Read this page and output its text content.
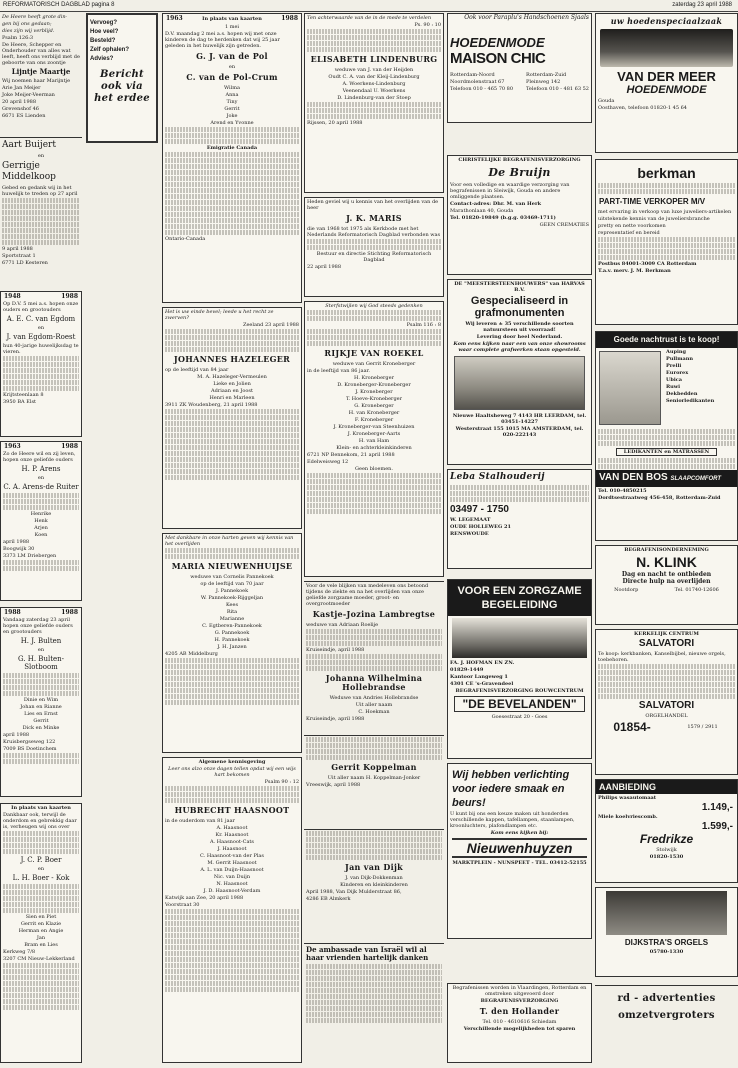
REFORMATORISCH DAGBLAD pagina 8	zaterdag 23 april 1988
De Heere heeft grote din-
gen bij ons gedaan;
dies zijn wij verblijd.
Psalm 126:3
De Heere, Schepper en Onderhouder van alles wat leeft, heeft ons verblijd met de geboorte van ons zoontje
Lijntje Maartje
Wij noemen haar Marijntje
Arie Jan Meijer
Joke Meijer-Veerman
20 april 1988
Grevenshof 46
6671 ES Lienden
Aart Buijert
en
Gerrigje Middelkoop
Gebed en gedank wij in het huwelijk te treden op 27 april
9 april 1988
Sportstraat 1
6771 LD Kesteren
1948	1988
Op D.V. 5 mei a.s. hopen onze ouders en grootouders
A. E. C. van Egdom
en
J. van Egdom-Roest
hun 40-jarige huwelijksdag te vieren.
Krijtsteenlaan 8
3950 BA Elst
1963	1988
Zo de Heere wil en zij leven, hopen onze geliefde ouders
H. P. Arens
en
C. A. Arens-de Ruiter
Henrike
Henk
Arjen
Koen
april 1988
Boogwijk 30
3373 LM Driebergen
1988	1988
Vandaag zaterdag 23 april hopen onze geliefde ouders en grootouders
H. J. Bulten
en
G. H. Bulten-Slotboom
Dinie en Wim
Johan en Rianne
Lies en Ernst
Gerrit
Dick en Minke
april 1988
Kruisbergseweg 122
7009 BS Doetinchem
In plaats van kaarten
Dankbaar ook, terwijl de onderdom en gebrekkig daar is, verheugen wij ons over
J. C. P. Boer
en
L. H. Boer - Kok
Sien en Piet
Gerrit en Klazie
Herman en Angie
Jan
Bram en Lies
Kerkweg 7/8
3207 CM Nieuw-Lekkerland
Vervoeg?
Hoe veel?
Besteld?
Zelf ophalen?
Advies?
Bericht ook via het erdee
1963	In plaats van kaarten	1988
1 mei
D.V. maandag 2 mei a.s. hopen wij met onze kinderen de dag te herdenken dat wij 25 jaar geleden in het huwelijk zijn getreden.
G. J. van de Pol
en
C. van de Pol-Crum
Wilma
Anna
Tiny
Gerrit
Joke
Arend en Yvonne
Emigratie Canada
Ontario-Canada
Het is uw einde bevel; leede u het recht ze zwerven?
Zeeland 23 april 1988
JOHANNES HAZELEGER
op de leeftijd van 84 jaar
M. A. Hazeleger-Vermeulen
Lieke en Jolien
Adriaan en Joost
Henri en Marleen
3911 ZK Woudenberg, 21 april 1988
Met dankbare in onze harten geven wij kennis van het overlijden
MARIA NIEUWENHUIJSE
weduwe van Cornelis Pannekoek
op de leeftijd van 70 jaar
J. Pannekoek
W. Pannekoek-Rijggeljan
Kees
Rita
Marianne
C. Egtberen-Pannekoek
G. Pannekoek
H. Pannekoek
J. H. Janzen
4205 AB Middelburg
Algemene kennisgeving
Leer ons alzo onze dagen tellen opdat wij een wijs hart bekomen
Psalm 90 : 12
HUBRECHT HAASNOOT
in de ouderdom van 81 jaar
A. Haasnoot
Kr. Haasnoot
A. Haasnoot-Cats
J. Haasnoot
C. Haasnoot-van der Plas
M. Gerrit Haasnoot
A. L. van Duijn-Haasnoot
Nic. van Duijn
N. Haasnoot
J. D. Haasnoot-Verdam
Katwijk aan Zee, 20 april 1988
Voorstraat 30
Ten achterwaarde van de in de mede te verdelen
Ps. 90 : 10
ELISABETH LINDENBURG
weduwe van J. van der Heijden
Oudt C. A. van der Kleij-Lindenburg
A. Woerkens-Lindenburg
Veenendaal U. Woerkens
D. Lindenburg-van der Stoep
Rijssen, 20 april 1988
Heden geviel wij u kennis van het overlijden van de heer
J. K. MARIS
die van 1968 tot 1975 als Kerkbode met het Nederlands Reformatorisch Dagblad verbonden was
Bestuur en directie Stichting Reformatorisch Dagblad
22 april 1988
Sterfstwijlen wij God steeds gedenken
Psalm 116 : 8
RIJKJE VAN ROEKEL
weduwe van Gerrit Kroneberger
in de leeftijd van 86 jaar.
H. Kroneberger
D. Kroneberger-Kroneberger
J. Kroneberger
T. Hoeve-Kroneberger
G. Kroneberger
H. van Kroneberger
F. Kroneberger
J. Kroneberger-van Steenhuizen
J. Kroneberger-Aarts
H. van Ham
Klein- en achterkleinkinderen
6721 NP Bennekom, 21 april 1988
Edelweisweg 12
Geen bloemen.
Voor de vele blijken van medeleven ons betoond tijdens de ziekte en na het overlijden van onze geliefde zorgzame moeder, groot- en overgrootmoeder
Kastje-Jozina Lambregtse
weduwe van Adriaan Roelije
Kruiseindje, april 1988
Johanna Wilhelmina Hollebrandse
Weduwe van Andries Hollebrandse
Uit aller naam
C. Hoekman
Kruiseindje, april 1988
Gerrit Koppelman
Uit aller naam H. Koppelman-Jonker
Vreeswijk, april 1988
Jan van Dijk
J. van Dijk-Dokkenman
Kinderen en kleinkinderen
April 1988, Van Dijk Mulderstraat 86,
4286 EB Almkerk
De ambassade van Israël wil al haar vrienden hartelijk danken
Ook voor Paraplu's Handschoenen Sjaals
HOEDENMODE
MAISON CHIC
Rotterdam-Noord
Noordmolenstraat 67
Telefoon 010 - 465 70 80
Rotterdam-Zuid
Pleinweg 142
Telefoon 010 - 481 63 52
CHRISTELIJKE BEGRAFENISVERZORGING
De Bruijn
Voor een volledige en waardige verzorging van begrafenissen in Sleiwijk, Gouda en andere omliggende plaatsen.
Contact-adres: Dhr. M. van Herk
Marathonlaan 40, Gouda
Tel. 01820-19849 (b.g.g. 03469-1711)
GEEN CREMATIES
DE "MEESTERSTEENHOUWERS" van HARVAS B.V.
Gespecialiseerd in grafmonumenten
Wij leveren ± 35 verschillende soorten natuursteen uit voorraad!
Levering door heel Nederland.
Kom eens kijken naar een van onze showrooms waar complete grafwerken staan opgesteld.
Nieuwe Haaltsheweg 7 4143 HR LEERDAM, tel. 03451-14227
Westerstraat 155 1015 MA AMSTERDAM, tel. 020-222143
Leba Stalhouderij
03497 - 1750
W. LEGEMAAT
OUDE HOLLEWEG 21
RENSWOUDE
VOOR EEN ZORGZAME BEGELEIDING
FA. J. HOFMAN EN ZN.
01829-1449
Kantoor Langeweg 1
4301 CE 's-Gravendeel
BEGRAFENISVERZORGING ROUWCENTRUM
"DE BEVELANDEN"
Goesestraat 20 - Goes
Wij hebben verlichting
voor iedere smaak en
beurs!
U kunt bij ons een keuze maken uit honderden verschillende kappen, tafellampen, staanlampen, kroonluchters, plafondlampen etc.
Kom eens kijken bij:
Nieuwenhuyzen
MARKTPLEIN - NUNSPEET - TEL. 03412-52155
Begrafenissen worden in Vlaardingen, Rotterdam en omstreken uitgevoerd door
BEGRAFENISVERZORGING
T. den Hollander
Tel. 010 - 4610616 Schiedam
Verschillende mogelijkheden tot sparen
uw hoedenspeciaalzaak
VAN DER MEER
HOEDENMODE
Gouda
Oosthaven, telefoon 01820-1 45 64
berkman
PART-TIME VERKOPER M/V
met ervaring in verkoop van luxe juweliers-artikelen
uitstekende kennis van de juweliersbranche
pretty en nette voorkomen
representatief en bereid
Postbus 84001-3009 CA Rotterdam
T.a.v. merv. J. M. Berkman
Goede nachtrust is te koop!
Auping
Pullmann
Prelli
Eurorex
Ubica
Ruwi
Dekbedden
Seniorledikanten
LEDIKANTEN en MATRASSEN
VAN DEN BOS SLAAPCOMFORT
Tel. 010-4850215
Dordtsestraatweg 456-458, Rotterdam-Zuid
BEGRAFENISONDERNEMING
N. KLINK
Dag en nacht te ontbieden
Directe hulp na overlijden
Nootdorp	Tel. 01740-12606
KERKELIJK CENTRUM
SALVATORI
Te koop: kerkbanken, Kanselbijbel, nieuwe orgels, toebehoren.
SALVATORI
ORGELHANDEL
01854-	1579 / 2911
AANBIEDING
Philips wasautomaat
1.149,-
Miele koelvriescomb.
1.599,-
Fredrikze
Stolwijk
01820-1530
DIJKSTRA'S ORGELS
05780-1330
rd - advertenties
omzetvergroters
